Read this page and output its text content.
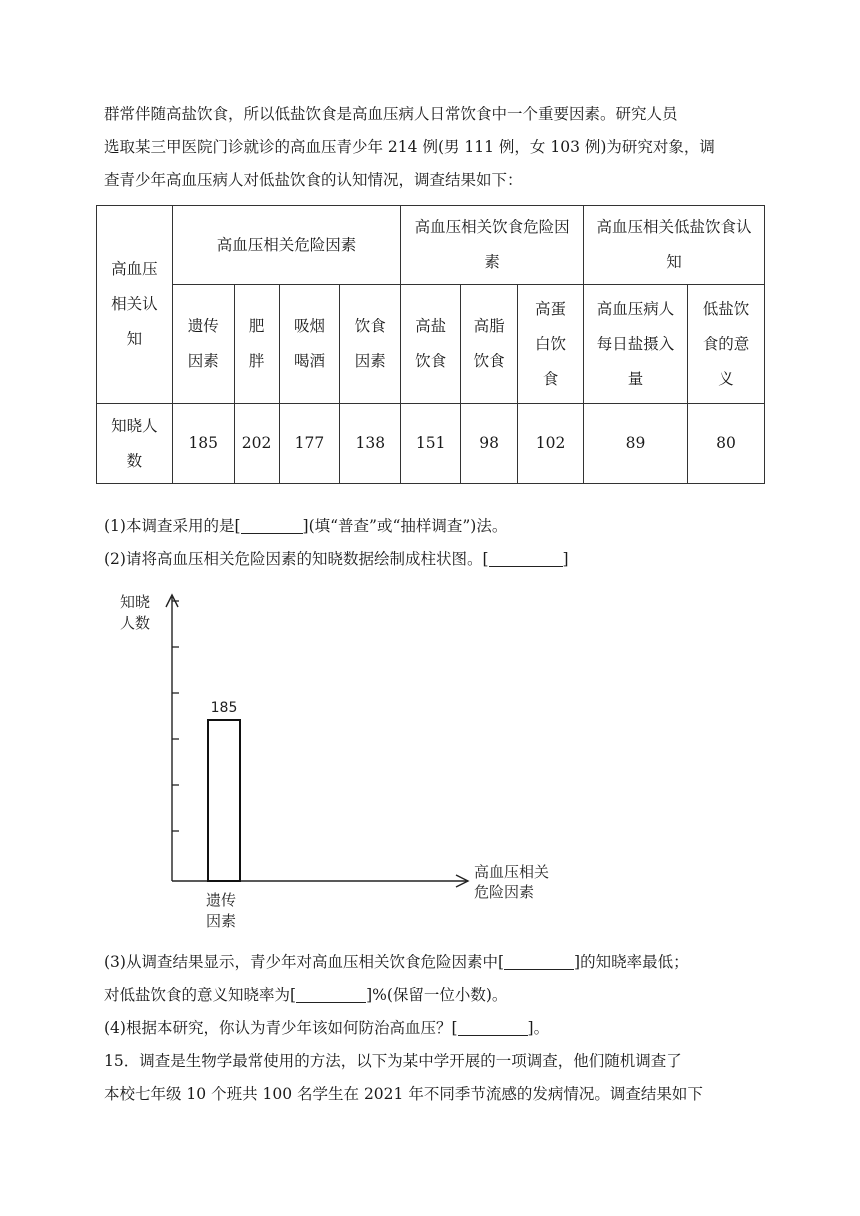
群常伴随高盐饮食，所以低盐饮食是高血压病人日常饮食中一个重要因素。研究人员
选取某三甲医院门诊就诊的高血压青少年 214 例(男 111 例，女 103 例)为研究对象，调
查青少年高血压病人对低盐饮食的认知情况，调查结果如下：
高血压相关认知	高血压相关危险因素				高血压相关饮食危险因素			高血压相关低盐饮食认知	

	遗传因素	肥胖	吸烟喝酒	饮食因素	高盐饮食	高脂饮食	高蛋白饮食	高血压病人每日盐摄入量	低盐饮食的意义

知晓人数	185	202	177	138	151	98	102	89	80

(1)本调查采用的是[	](填“普查”或“抽样调查”)法。

(2)请将高血压相关危险因素的知晓数据绘制成柱状图。[	]

知晓 人数
185
遗传因素
高血压相关 危险因素

(3)从调查结果显示，青少年对高血压相关饮食危险因素中[	]的知晓率最低；

对低盐饮食的意义知晓率为[	]%(保留一位小数)。

(4)根据本研究，你认为青少年该如何防治高血压？[	]。

15．调查是生物学最常使用的方法，以下为某中学开展的一项调查，他们随机调查了
本校七年级 10 个班共 100 名学生在 2021 年不同季节流感的发病情况。调查结果如下
